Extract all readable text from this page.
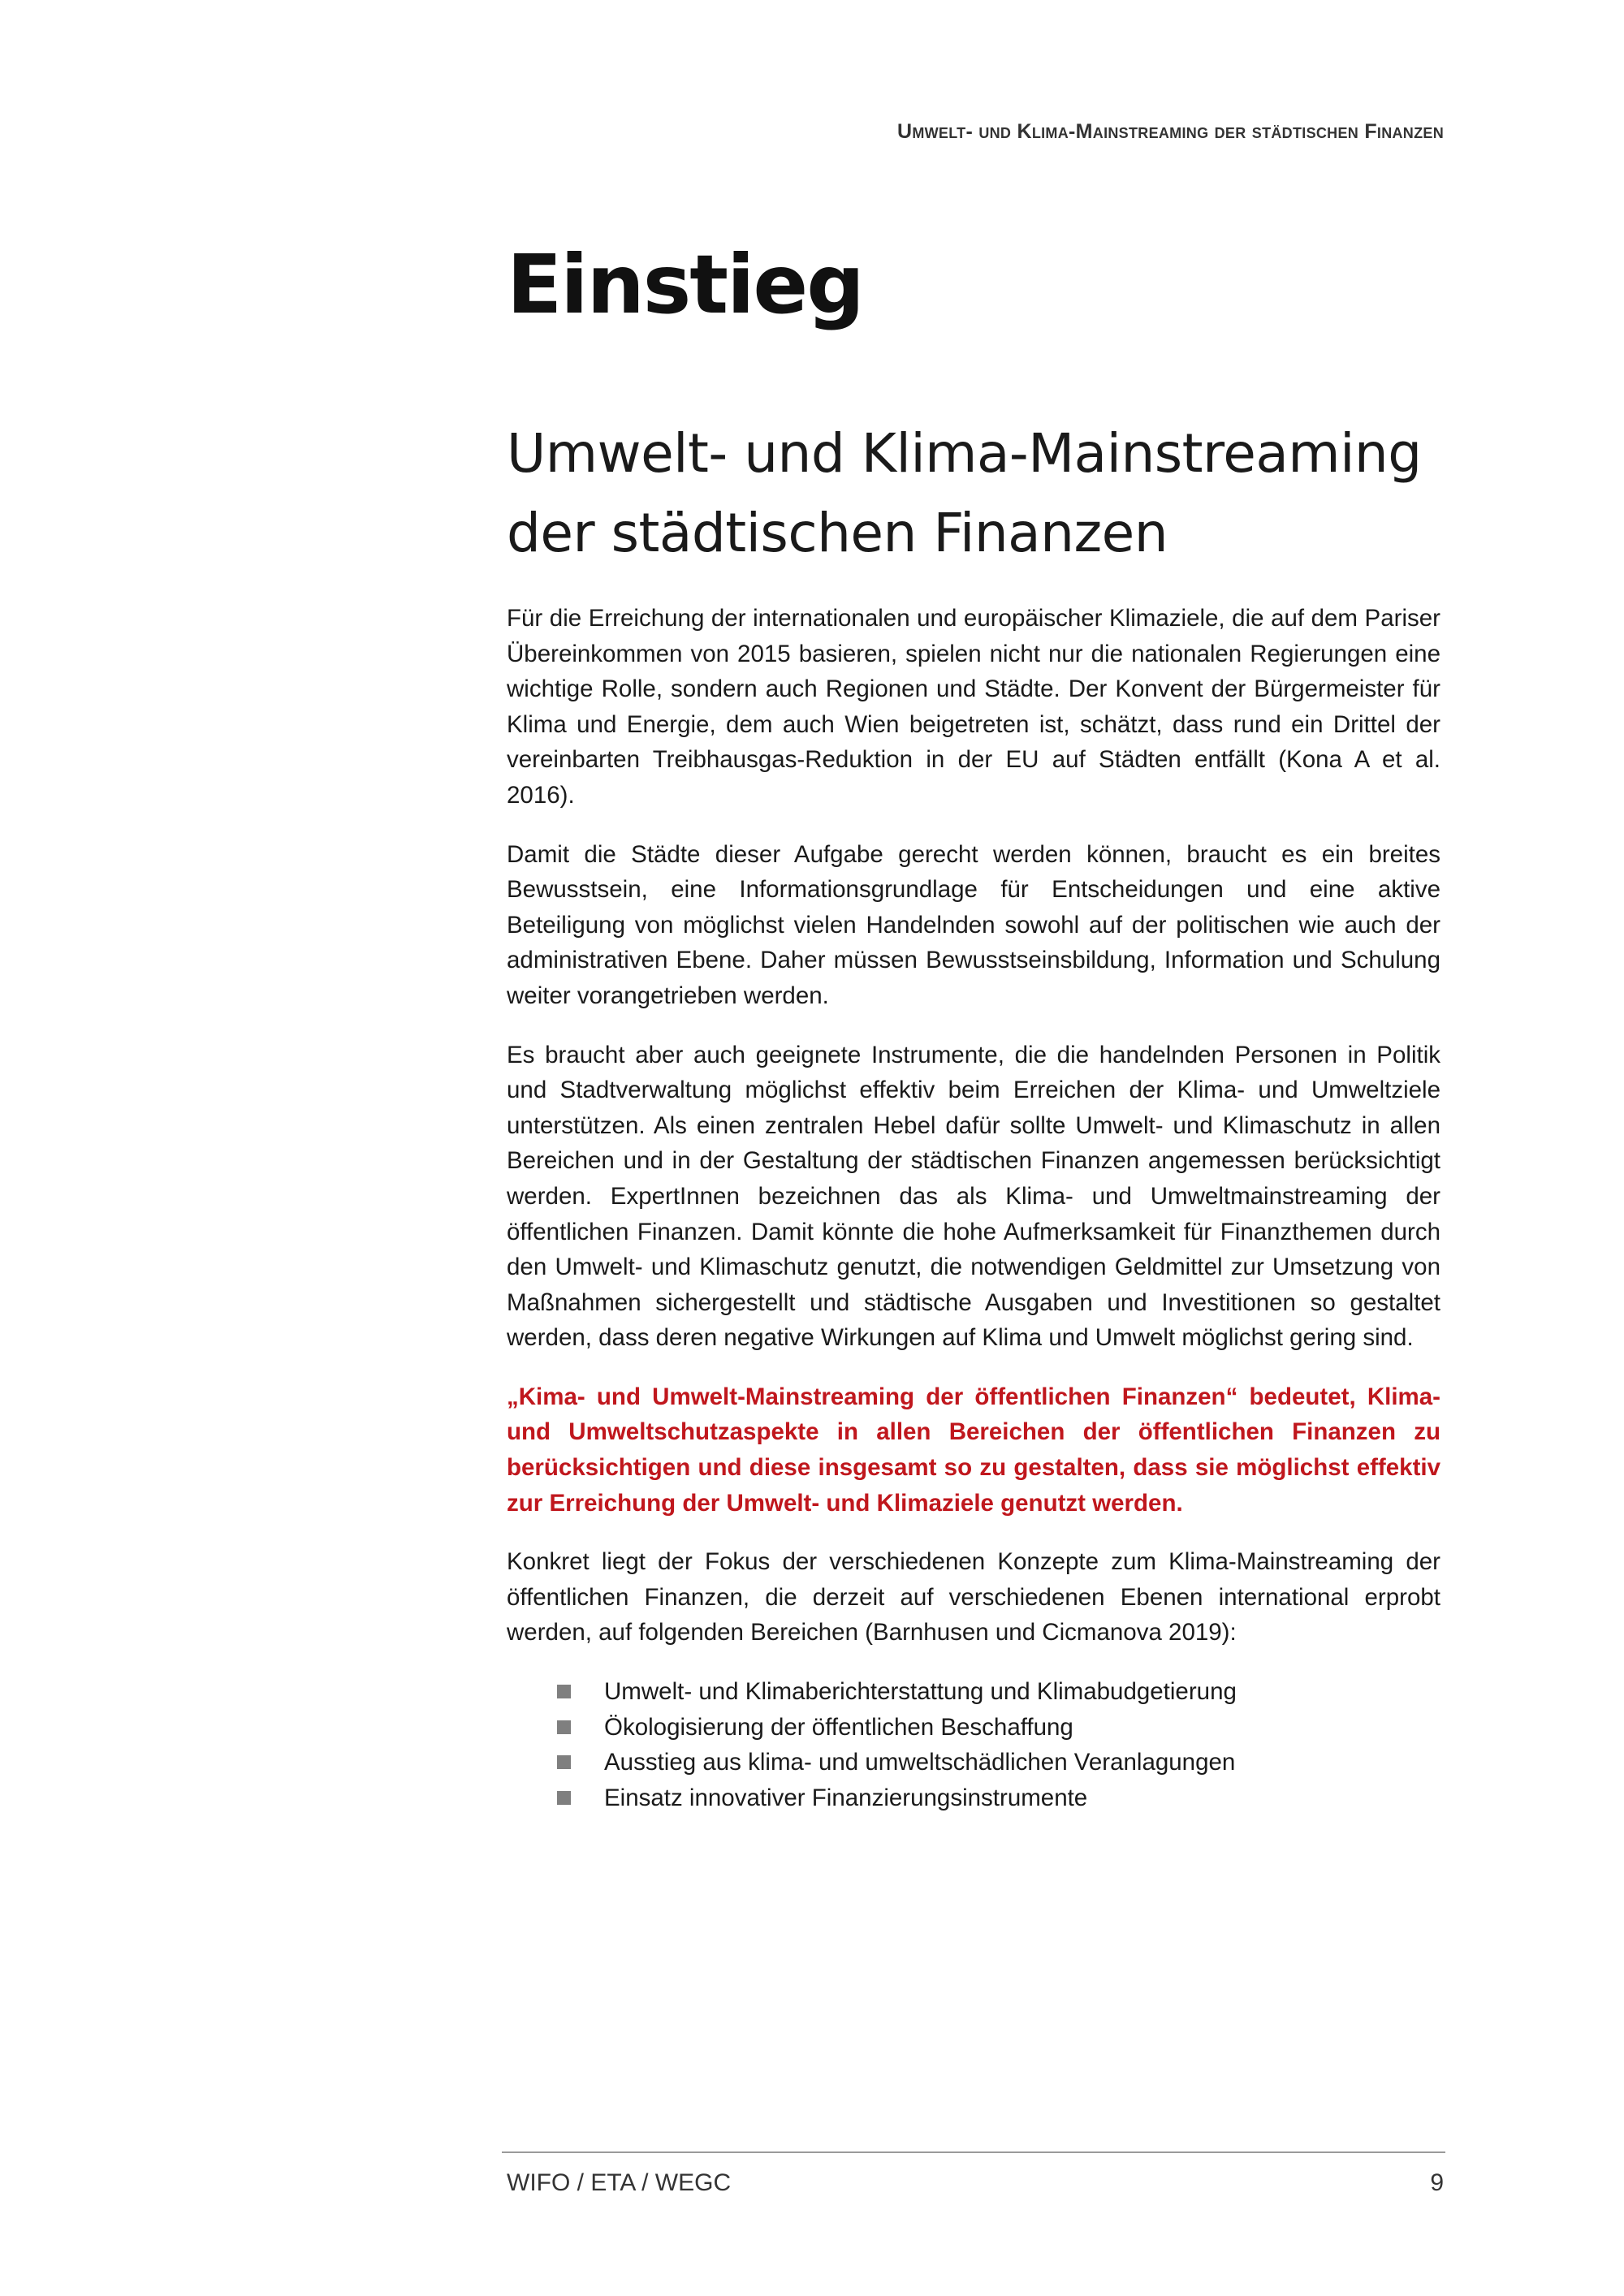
Umwelt- und Klima-Mainstreaming der städtischen Finanzen
Einstieg
Umwelt- und Klima-Mainstreaming
der städtischen Finanzen

Für die Erreichung der internationalen und europäischer Klimaziele, die auf dem Pariser Übereinkommen von 2015 basieren, spielen nicht nur die nationalen Regierungen eine wichtige Rolle, sondern auch Regionen und Städte. Der Konvent der Bürgermeister für Klima und Energie, dem auch Wien beigetreten ist, schätzt, dass rund ein Drittel der vereinbarten Treibhausgas-Reduktion in der EU auf Städten entfällt (Kona A et al. 2016).

Damit die Städte dieser Aufgabe gerecht werden können, braucht es ein breites Bewusstsein, eine Informationsgrundlage für Entscheidungen und eine aktive Beteiligung von möglichst vielen Handelnden sowohl auf der politischen wie auch der administrativen Ebene. Daher müssen Bewusstseinsbildung, Information und Schulung weiter vorangetrieben werden.

Es braucht aber auch geeignete Instrumente, die die handelnden Personen in Politik und Stadtverwaltung möglichst effektiv beim Erreichen der Klima- und Umweltziele unterstützen. Als einen zentralen Hebel dafür sollte Umwelt- und Klimaschutz in allen Bereichen und in der Gestaltung der städtischen Finanzen angemessen berücksichtigt werden. ExpertInnen bezeichnen das als Klima- und Umweltmainstreaming der öffentlichen Finanzen. Damit könnte die hohe Aufmerksamkeit für Finanzthemen durch den Umwelt- und Klimaschutz genutzt, die notwendigen Geldmittel zur Umsetzung von Maßnahmen sichergestellt und städtische Ausgaben und Investitionen so gestaltet werden, dass deren negative Wirkungen auf Klima und Umwelt möglichst gering sind.

„Kima- und Umwelt-Mainstreaming der öffentlichen Finanzen“ bedeutet, Klima- und Umweltschutzaspekte in allen Bereichen der öffentlichen Finanzen zu berücksichtigen und diese insgesamt so zu gestalten, dass sie möglichst effektiv zur Erreichung der Umwelt- und Klimaziele genutzt werden.

Konkret liegt der Fokus der verschiedenen Konzepte zum Klima-Mainstreaming der öffentlichen Finanzen, die derzeit auf verschiedenen Ebenen international erprobt werden, auf folgenden Bereichen (Barnhusen und Cicmanova 2019):

Umwelt- und Klimaberichterstattung und Klimabudgetierung
Ökologisierung der öffentlichen Beschaffung
Ausstieg aus klima- und umweltschädlichen Veranlagungen
Einsatz innovativer Finanzierungsinstrumente
WIFO / ETA / WEGC	9
